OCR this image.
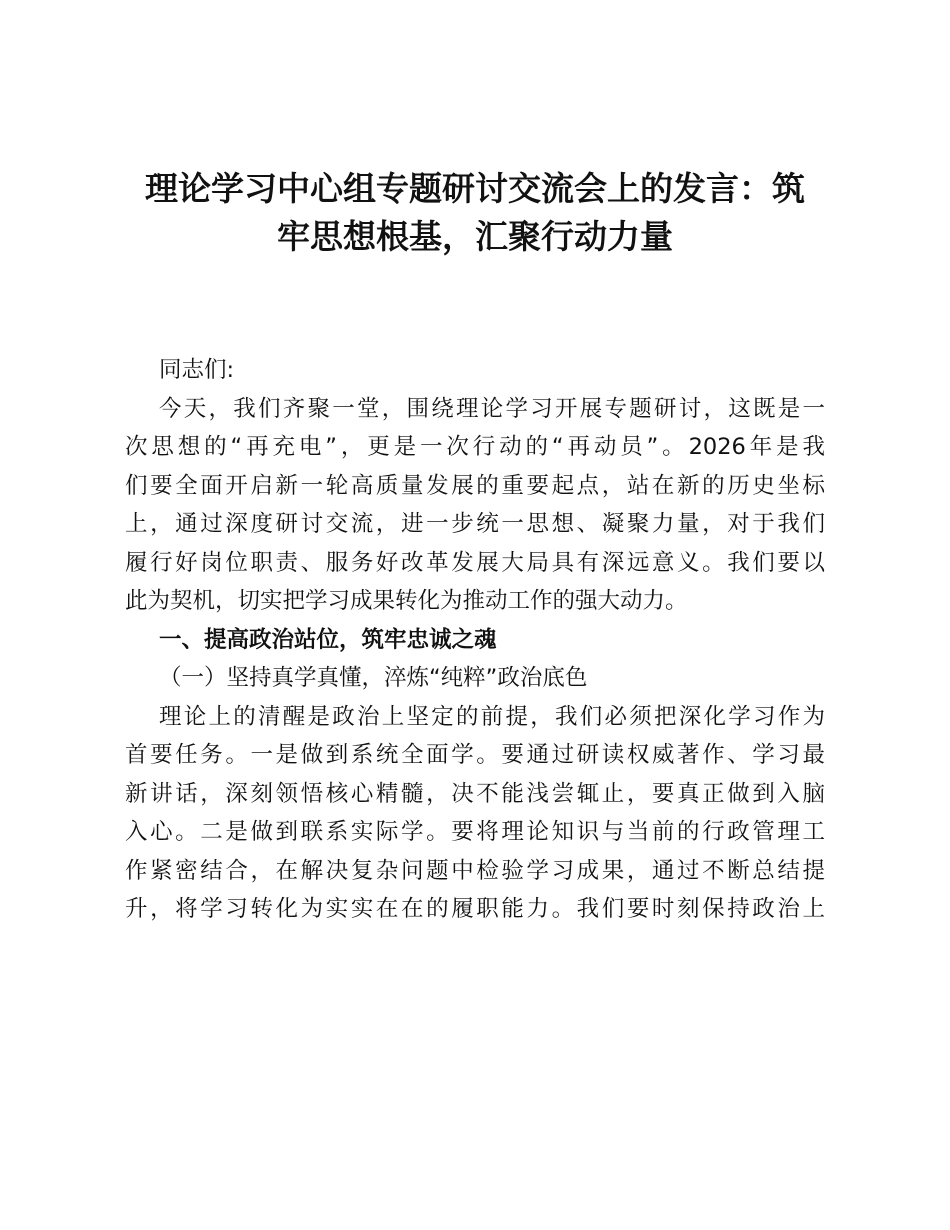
理论学习中心组专题研讨交流会上的发言：筑
牢思想根基，汇聚行动力量
同志们:
今天，我们齐聚一堂，围绕理论学习开展专题研讨，这既是一
次思想的“再充电”，更是一次行动的“再动员”。2026年是我
们要全面开启新一轮高质量发展的重要起点，站在新的历史坐标
上，通过深度研讨交流，进一步统一思想、凝聚力量，对于我们
履行好岗位职责、服务好改革发展大局具有深远意义。我们要以
此为契机，切实把学习成果转化为推动工作的强大动力。
一、提高政治站位，筑牢忠诚之魂
（一）坚持真学真懂，淬炼“纯粹”政治底色
理论上的清醒是政治上坚定的前提，我们必须把深化学习作为
首要任务。一是做到系统全面学。要通过研读权威著作、学习最
新讲话，深刻领悟核心精髓，决不能浅尝辄止，要真正做到入脑
入心。二是做到联系实际学。要将理论知识与当前的行政管理工
作紧密结合，在解决复杂问题中检验学习成果，通过不断总结提
升，将学习转化为实实在在的履职能力。我们要时刻保持政治上
